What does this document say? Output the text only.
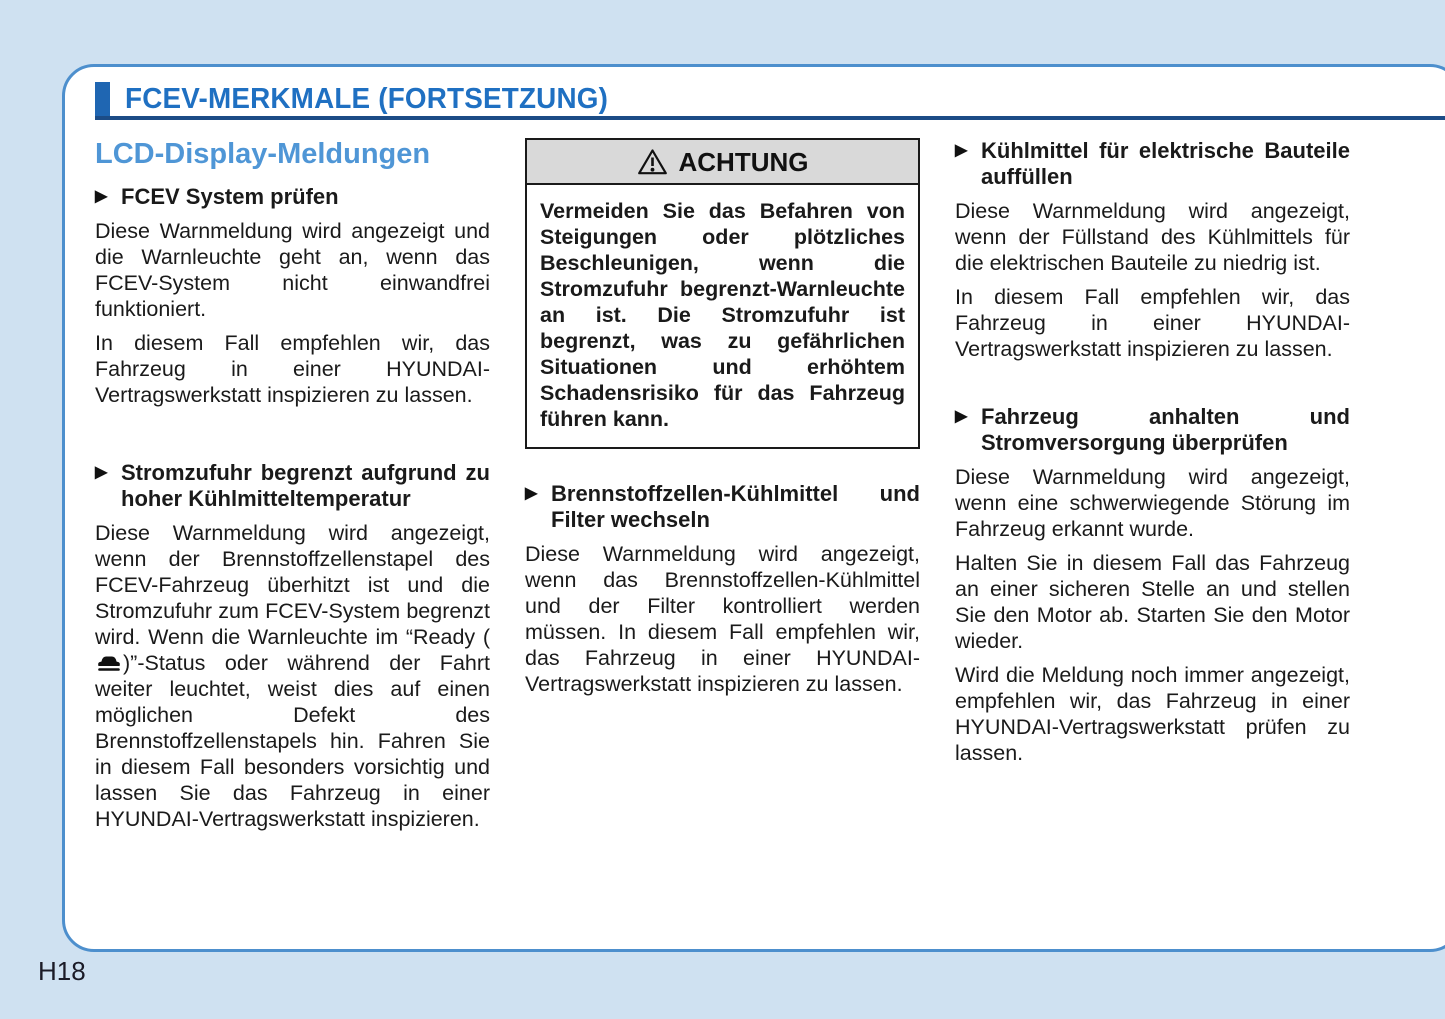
FCEV-MERKMALE (FORTSETZUNG)
LCD-Display-Meldungen
▶ FCEV System prüfen

Diese Warnmeldung wird angezeigt und die Warnleuchte geht an, wenn das FCEV-System nicht einwandfrei funktioniert.

In diesem Fall empfehlen wir, das Fahrzeug in einer HYUNDAI-Vertragswerkstatt inspizieren zu lassen.

▶ Stromzufuhr begrenzt aufgrund zu hoher Kühlmitteltemperatur

Diese Warnmeldung wird angezeigt, wenn der Brennstoffzellenstapel des FCEV-Fahrzeug überhitzt ist und die Stromzufuhr zum FCEV-System begrenzt wird. Wenn die Warnleuchte im “Ready ()”-Status oder während der Fahrt weiter leuchtet, weist dies auf einen möglichen Defekt des Brennstoffzellenstapels hin. Fahren Sie in diesem Fall besonders vorsichtig und lassen Sie das Fahrzeug in einer HYUNDAI-Vertragswerkstatt inspizieren.

ACHTUNG
Vermeiden Sie das Befahren von Steigungen oder plötzliches Beschleunigen, wenn die Stromzufuhr begrenzt-Warnleuchte an ist. Die Stromzufuhr ist begrenzt, was zu gefährlichen Situationen und erhöhtem Schadensrisiko für das Fahrzeug führen kann.
▶ Brennstoffzellen-Kühlmittel und Filter wechseln

Diese Warnmeldung wird angezeigt, wenn das Brennstoffzellen-Kühlmittel und der Filter kontrolliert werden müssen. In diesem Fall empfehlen wir, das Fahrzeug in einer HYUNDAI-Vertragswerkstatt inspizieren zu lassen.

▶ Kühlmittel für elektrische Bauteile auffüllen

Diese Warnmeldung wird angezeigt, wenn der Füllstand des Kühlmittels für die elektrischen Bauteile zu niedrig ist.

In diesem Fall empfehlen wir, das Fahrzeug in einer HYUNDAI-Vertragswerkstatt inspizieren zu lassen.

▶ Fahrzeug anhalten und Stromversorgung überprüfen

Diese Warnmeldung wird angezeigt, wenn eine schwerwiegende Störung im Fahrzeug erkannt wurde.

Halten Sie in diesem Fall das Fahrzeug an einer sicheren Stelle an und stellen Sie den Motor ab. Starten Sie den Motor wieder.

Wird die Meldung noch immer angezeigt, empfehlen wir, das Fahrzeug in einer HYUNDAI-Vertragswerkstatt prüfen zu lassen.

H18
